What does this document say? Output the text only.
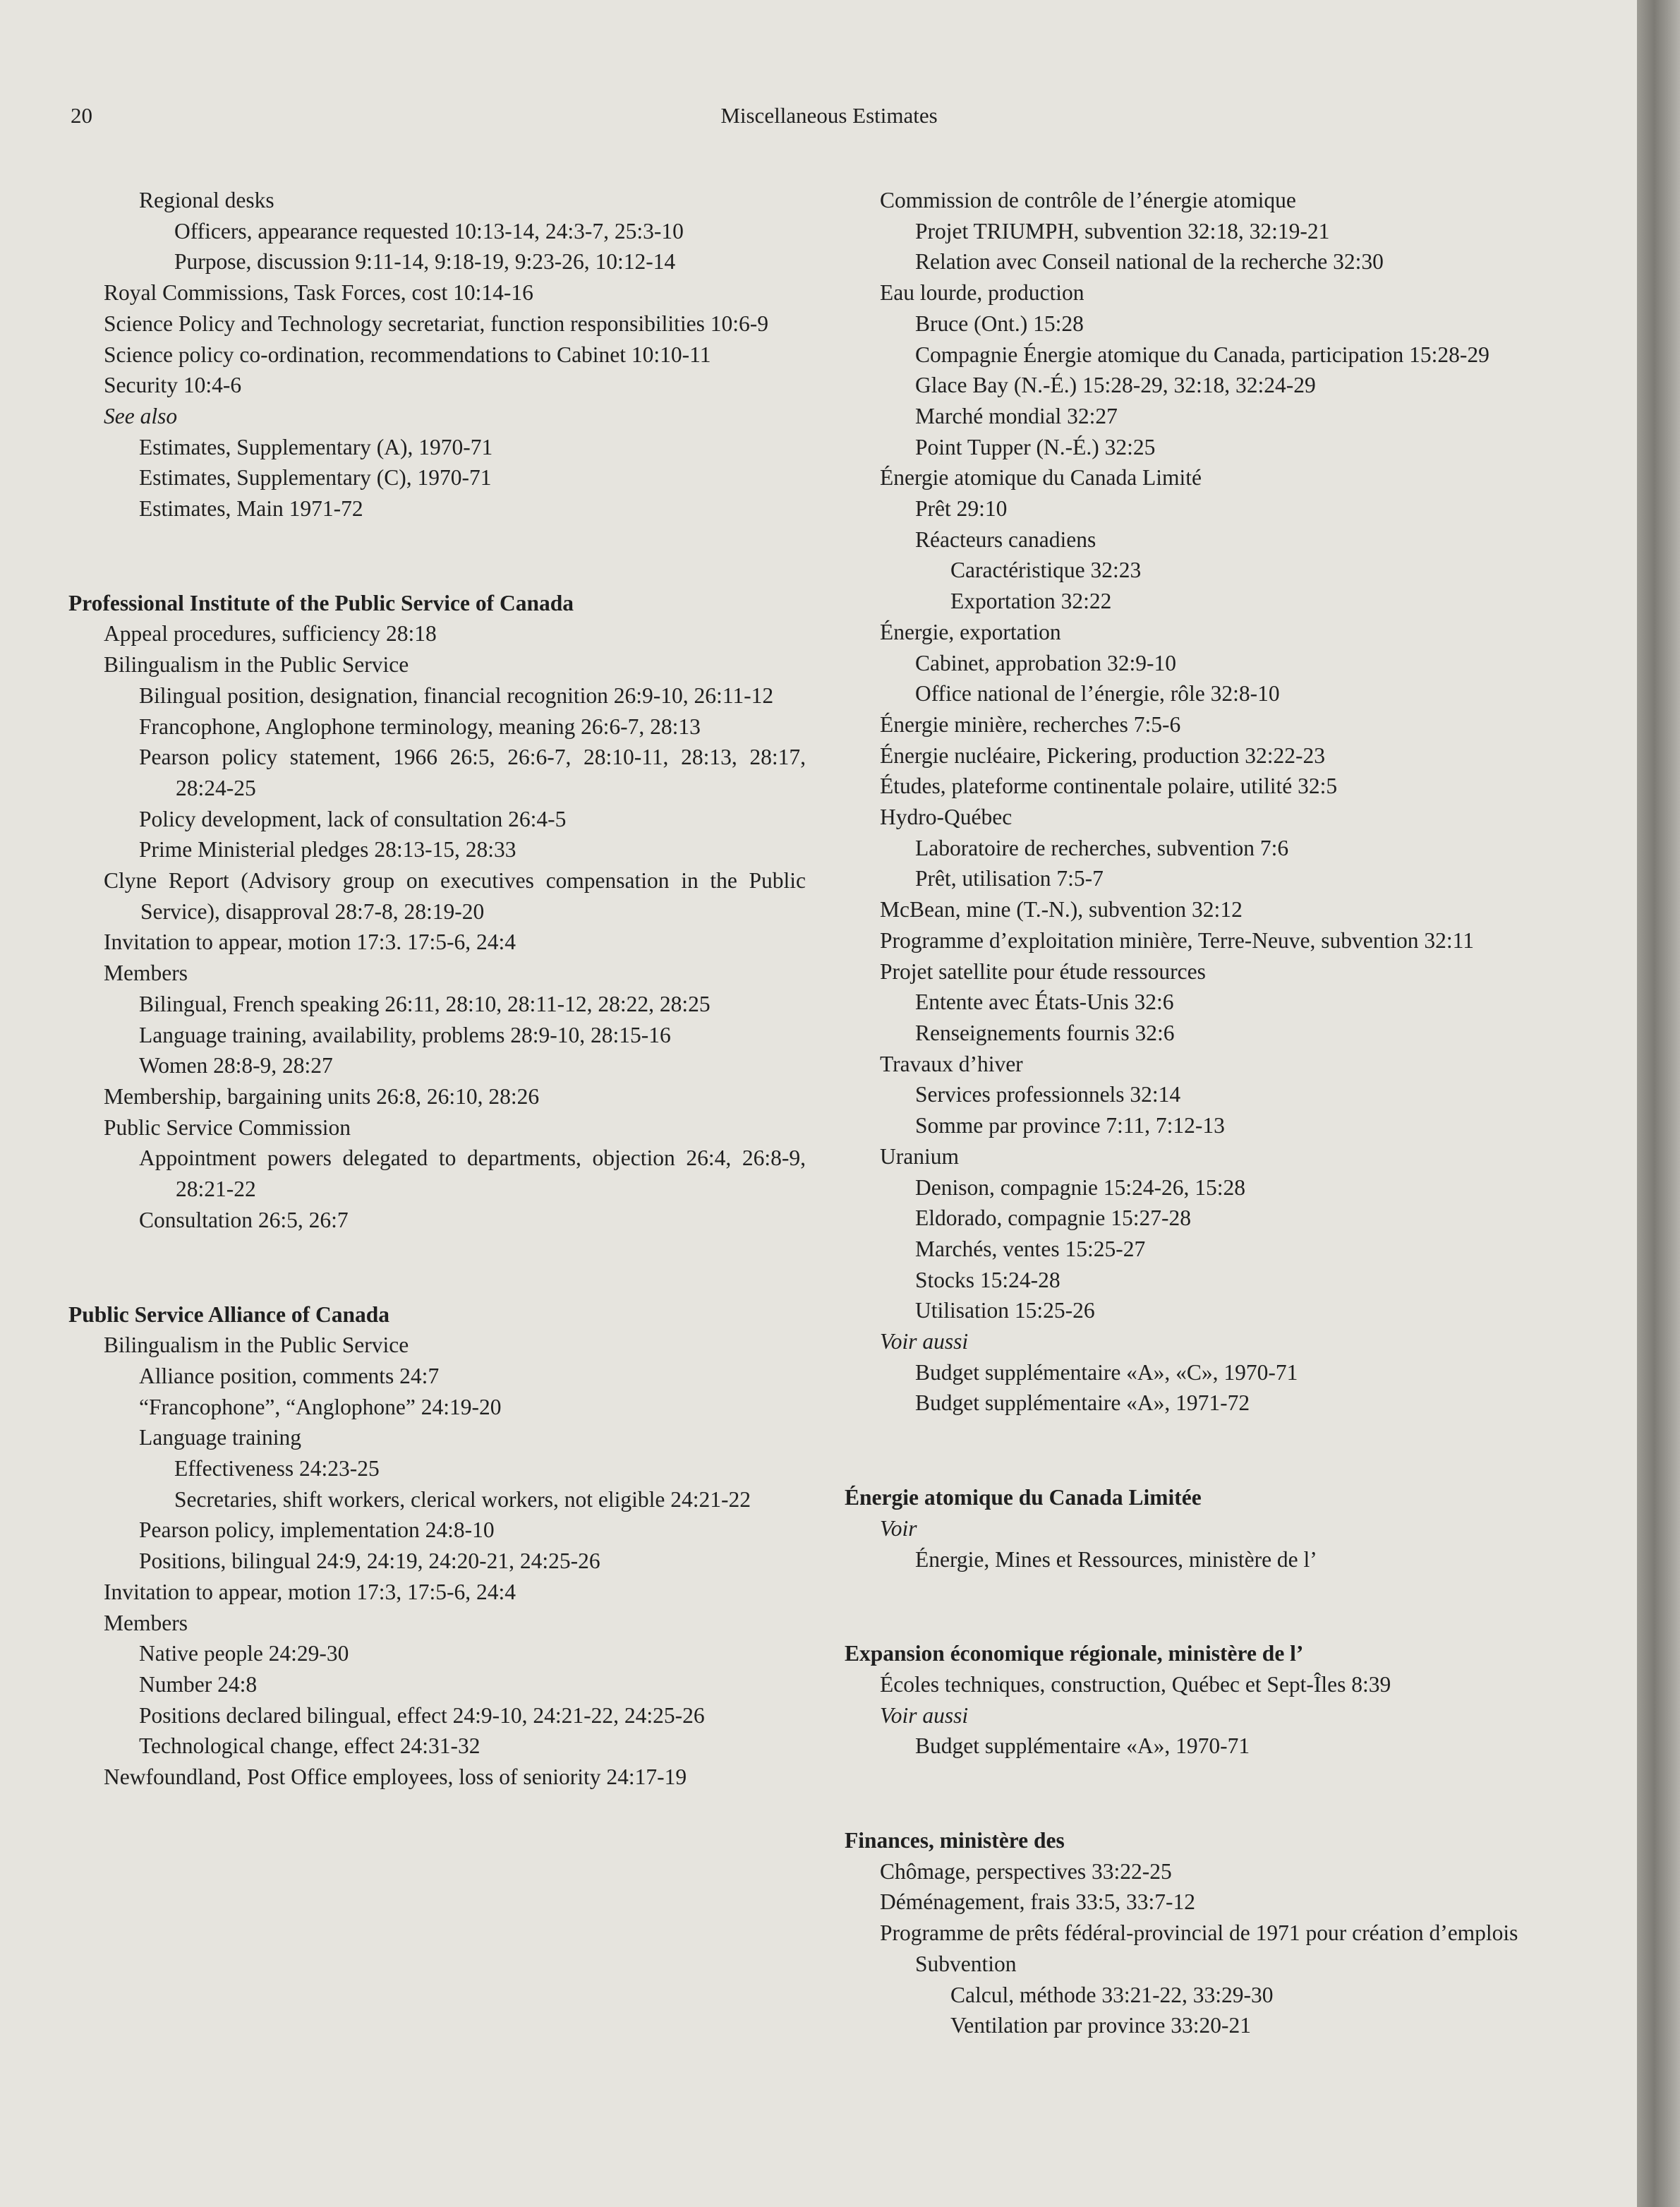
20	Miscellaneous Estimates
Regional desks
Officers, appearance requested 10:13-14, 24:3-7, 25:3-10
Purpose, discussion 9:11-14, 9:18-19, 9:23-26, 10:12-14
Royal Commissions, Task Forces, cost 10:14-16
Science Policy and Technology secretariat, function responsibilities 10:6-9
Science policy co-ordination, recommendations to Cabinet 10:10-11
Security 10:4-6
See also
Estimates, Supplementary (A), 1970-71
Estimates, Supplementary (C), 1970-71
Estimates, Main 1971-72
Professional Institute of the Public Service of Canada
Appeal procedures, sufficiency 28:18
Bilingualism in the Public Service
Bilingual position, designation, financial recognition 26:9-10, 26:11-12
Francophone, Anglophone terminology, meaning 26:6-7, 28:13
Pearson policy statement, 1966 26:5, 26:6-7, 28:10-11, 28:13, 28:17, 28:24-25
Policy development, lack of consultation 26:4-5
Prime Ministerial pledges 28:13-15, 28:33
Clyne Report (Advisory group on executives compensation in the Public Service), disapproval 28:7-8, 28:19-20
Invitation to appear, motion 17:3. 17:5-6, 24:4
Members
Bilingual, French speaking 26:11, 28:10, 28:11-12, 28:22, 28:25
Language training, availability, problems 28:9-10, 28:15-16
Women 28:8-9, 28:27
Membership, bargaining units 26:8, 26:10, 28:26
Public Service Commission
Appointment powers delegated to departments, objection 26:4, 26:8-9, 28:21-22
Consultation 26:5, 26:7
Public Service Alliance of Canada
Bilingualism in the Public Service
Alliance position, comments 24:7
“Francophone”, “Anglophone” 24:19-20
Language training
Effectiveness 24:23-25
Secretaries, shift workers, clerical workers, not eligible 24:21-22
Pearson policy, implementation 24:8-10
Positions, bilingual 24:9, 24:19, 24:20-21, 24:25-26
Invitation to appear, motion 17:3, 17:5-6, 24:4
Members
Native people 24:29-30
Number 24:8
Positions declared bilingual, effect 24:9-10, 24:21-22, 24:25-26
Technological change, effect 24:31-32
Newfoundland, Post Office employees, loss of seniority 24:17-19
Commission de contrôle de l’énergie atomique
Projet TRIUMPH, subvention 32:18, 32:19-21
Relation avec Conseil national de la recherche 32:30
Eau lourde, production
Bruce (Ont.) 15:28
Compagnie Énergie atomique du Canada, participation 15:28-29
Glace Bay (N.-É.) 15:28-29, 32:18, 32:24-29
Marché mondial 32:27
Point Tupper (N.-É.) 32:25
Énergie atomique du Canada Limité
Prêt 29:10
Réacteurs canadiens
Caractéristique 32:23
Exportation 32:22
Énergie, exportation
Cabinet, approbation 32:9-10
Office national de l’énergie, rôle 32:8-10
Énergie minière, recherches 7:5-6
Énergie nucléaire, Pickering, production 32:22-23
Études, plateforme continentale polaire, utilité 32:5
Hydro-Québec
Laboratoire de recherches, subvention 7:6
Prêt, utilisation 7:5-7
McBean, mine (T.-N.), subvention 32:12
Programme d’exploitation minière, Terre-Neuve, subvention 32:11
Projet satellite pour étude ressources
Entente avec États-Unis 32:6
Renseignements fournis 32:6
Travaux d’hiver
Services professionnels 32:14
Somme par province 7:11, 7:12-13
Uranium
Denison, compagnie 15:24-26, 15:28
Eldorado, compagnie 15:27-28
Marchés, ventes 15:25-27
Stocks 15:24-28
Utilisation 15:25-26
Voir aussi
Budget supplémentaire «A», «C», 1970-71
Budget supplémentaire «A», 1971-72
Énergie atomique du Canada Limitée
Voir
Énergie, Mines et Ressources, ministère de l’
Expansion économique régionale, ministère de l’
Écoles techniques, construction, Québec et Sept-Îles 8:39
Voir aussi
Budget supplémentaire «A», 1970-71
Finances, ministère des
Chômage, perspectives 33:22-25
Déménagement, frais 33:5, 33:7-12
Programme de prêts fédéral-provincial de 1971 pour création d’emplois
Subvention
Calcul, méthode 33:21-22, 33:29-30
Ventilation par province 33:20-21
